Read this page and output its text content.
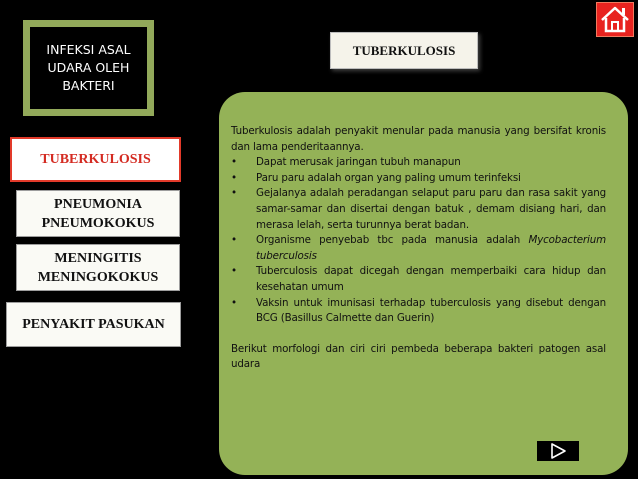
INFEKSI ASAL
UDARA OLEH
BAKTERI
TUBERKULOSIS
TUBERKULOSIS
PNEUMONIA
PNEUMOKOKUS
MENINGITIS
MENINGOKOKUS
PENYAKIT PASUKAN

Tuberkulosis adalah penyakit menular pada manusia yang bersifat kronis dan lama penderitaannya.

• Dapat merusak jaringan tubuh manapun
• Paru paru adalah organ yang paling umum terinfeksi
• Gejalanya adalah peradangan selaput paru paru dan rasa sakit yang samar-samar dan disertai dengan batuk , demam disiang hari, dan merasa lelah, serta turunnya berat badan.
• Organisme penyebab tbc pada manusia adalah Mycobacterium tuberculosis
• Tuberculosis dapat dicegah dengan memperbaiki cara hidup dan kesehatan umum
• Vaksin untuk imunisasi terhadap tuberculosis yang disebut dengan BCG (Basillus Calmette dan Guerin)

Berikut morfologi dan ciri ciri pembeda beberapa bakteri patogen asal udara
